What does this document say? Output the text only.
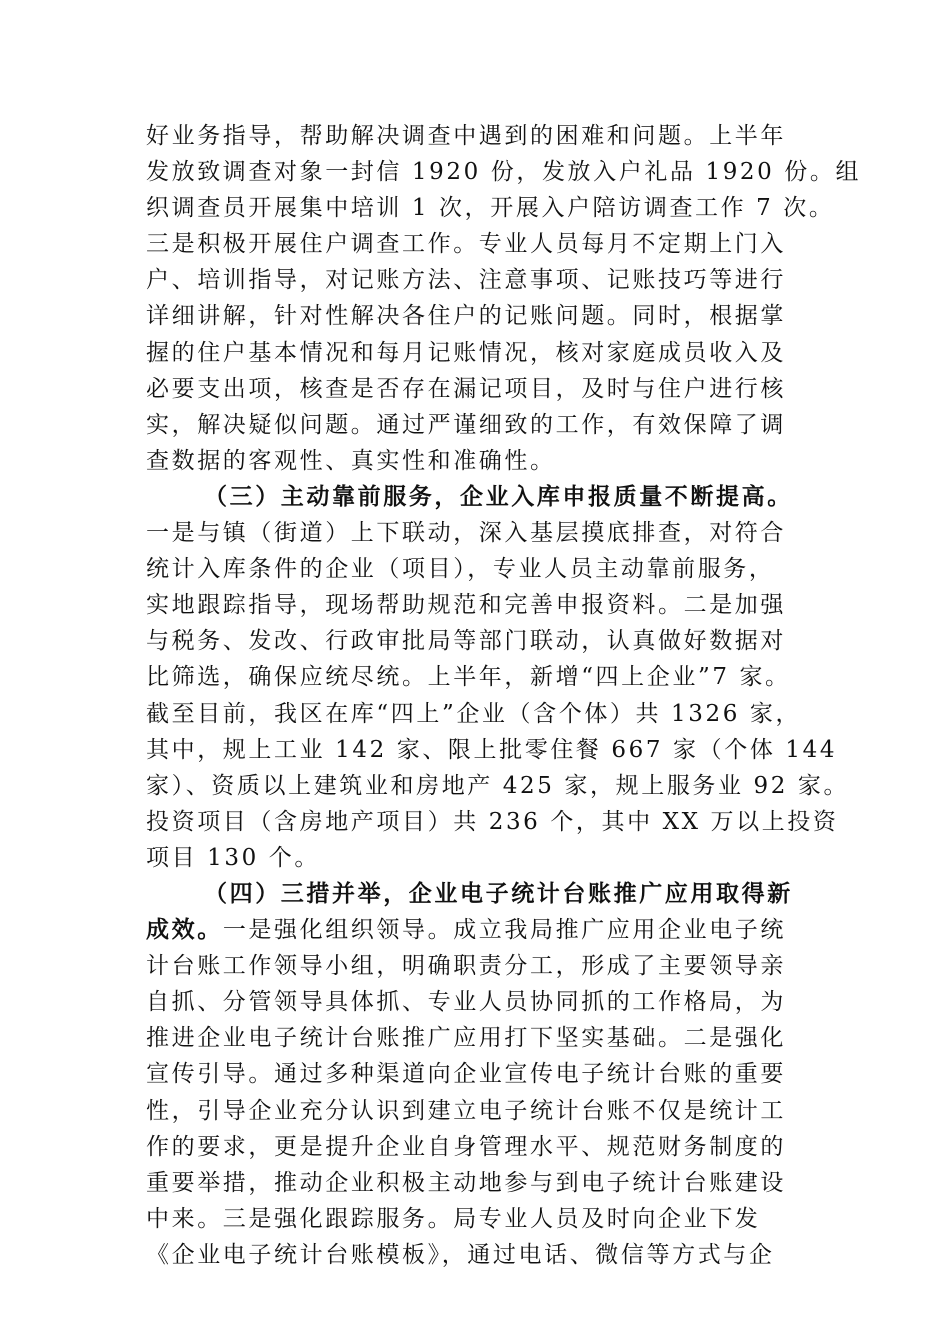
好业务指导，帮助解决调查中遇到的困难和问题。上半年
发放致调查对象一封信 1920 份，发放入户礼品 1920 份。组
织调查员开展集中培训 1 次，开展入户陪访调查工作 7 次。
三是积极开展住户调查工作。专业人员每月不定期上门入
户、培训指导，对记账方法、注意事项、记账技巧等进行
详细讲解，针对性解决各住户的记账问题。同时，根据掌
握的住户基本情况和每月记账情况，核对家庭成员收入及
必要支出项，核查是否存在漏记项目，及时与住户进行核
实，解决疑似问题。通过严谨细致的工作，有效保障了调
查数据的客观性、真实性和准确性。
（三）主动靠前服务，企业入库申报质量不断提高。
一是与镇（街道）上下联动，深入基层摸底排查，对符合
统计入库条件的企业（项目），专业人员主动靠前服务，
实地跟踪指导，现场帮助规范和完善申报资料。二是加强
与税务、发改、行政审批局等部门联动，认真做好数据对
比筛选，确保应统尽统。上半年，新增“四上企业”7 家。
截至目前，我区在库“四上”企业（含个体）共 1326 家，
其中，规上工业 142 家、限上批零住餐 667 家（个体 144
家）、资质以上建筑业和房地产 425 家，规上服务业 92 家。
投资项目（含房地产项目）共 236 个，其中 XX 万以上投资
项目 130 个。
（四）三措并举，企业电子统计台账推广应用取得新
成效。一是强化组织领导。成立我局推广应用企业电子统
计台账工作领导小组，明确职责分工，形成了主要领导亲
自抓、分管领导具体抓、专业人员协同抓的工作格局，为
推进企业电子统计台账推广应用打下坚实基础。二是强化
宣传引导。通过多种渠道向企业宣传电子统计台账的重要
性，引导企业充分认识到建立电子统计台账不仅是统计工
作的要求，更是提升企业自身管理水平、规范财务制度的
重要举措，推动企业积极主动地参与到电子统计台账建设
中来。三是强化跟踪服务。局专业人员及时向企业下发
《企业电子统计台账模板》，通过电话、微信等方式与企
